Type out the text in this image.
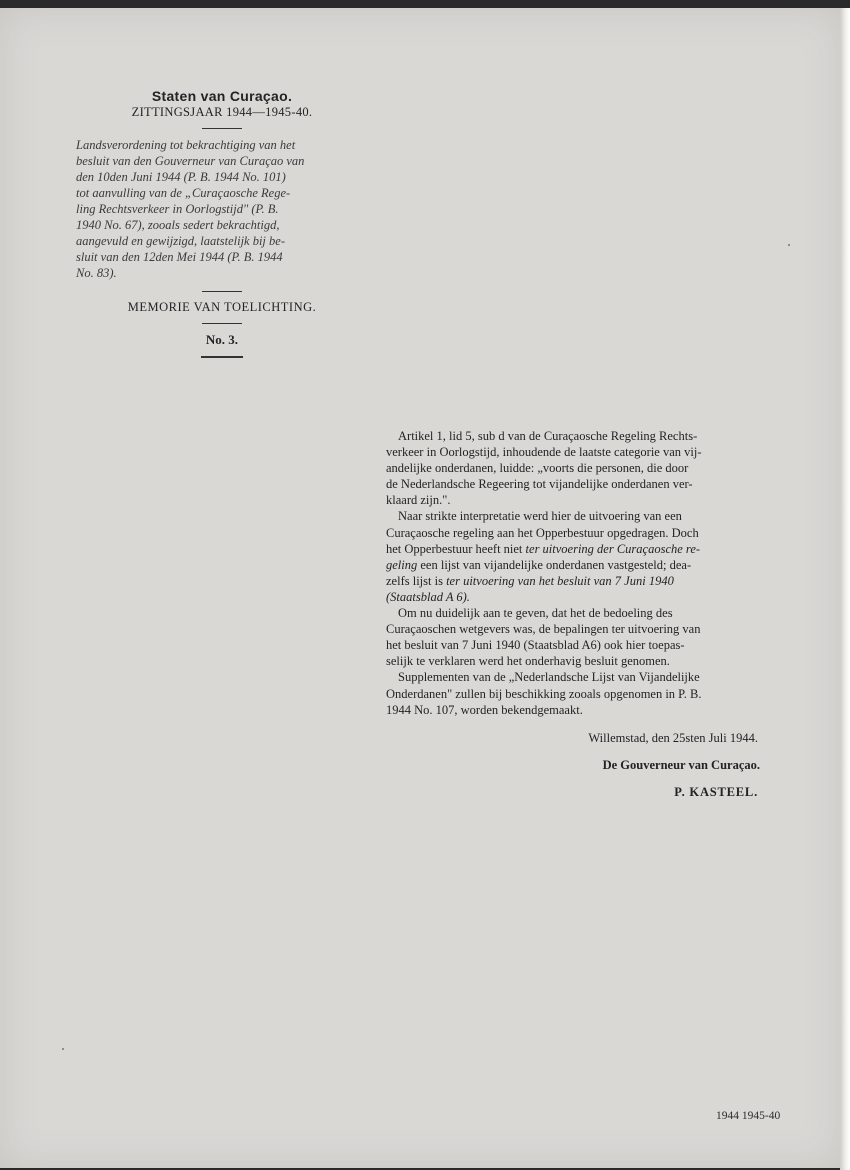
Staten van Curaçao.

ZITTINGSJAAR 1944—1945-40.

Landsverordening tot bekrachtiging van het
besluit van den Gouverneur van Curaçao van
den 10den Juni 1944 (P. B. 1944 No. 101)
tot aanvulling van de „Curaçaosche Rege-
ling Rechtsverkeer in Oorlogstijd" (P. B.
1940 No. 67), zooals sedert bekrachtigd,
aangevuld en gewijzigd, laatstelijk bij be-
sluit van den 12den Mei 1944 (P. B. 1944
No. 83).

MEMORIE VAN TOELICHTING.

No. 3.

Artikel 1, lid 5, sub d van de Curaçaosche Regeling Rechts-
verkeer in Oorlogstijd, inhoudende de laatste categorie van vij-
andelijke onderdanen, luidde: „voorts die personen, die door
de Nederlandsche Regeering tot vijandelijke onderdanen ver-
klaard zijn.".

Naar strikte interpretatie werd hier de uitvoering van een
Curaçaosche regeling aan het Opperbestuur opgedragen. Doch
het Opperbestuur heeft niet ter uitvoering der Curaçaosche re-
geling een lijst van vijandelijke onderdanen vastgesteld; dea-
zelfs lijst is ter uitvoering van het besluit van 7 Juni 1940
(Staatsblad A 6).

Om nu duidelijk aan te geven, dat het de bedoeling des
Curaçaoschen wetgevers was, de bepalingen ter uitvoering van
het besluit van 7 Juni 1940 (Staatsblad A6) ook hier toepas-
selijk te verklaren werd het onderhavig besluit genomen.

Supplementen van de „Nederlandsche Lijst van Vijandelijke
Onderdanen" zullen bij beschikking zooals opgenomen in P. B.
1944 No. 107, worden bekendgemaakt.

Willemstad, den 25sten Juli 1944.

De Gouverneur van Curaçao.

P. KASTEEL.

1944 1945-40
